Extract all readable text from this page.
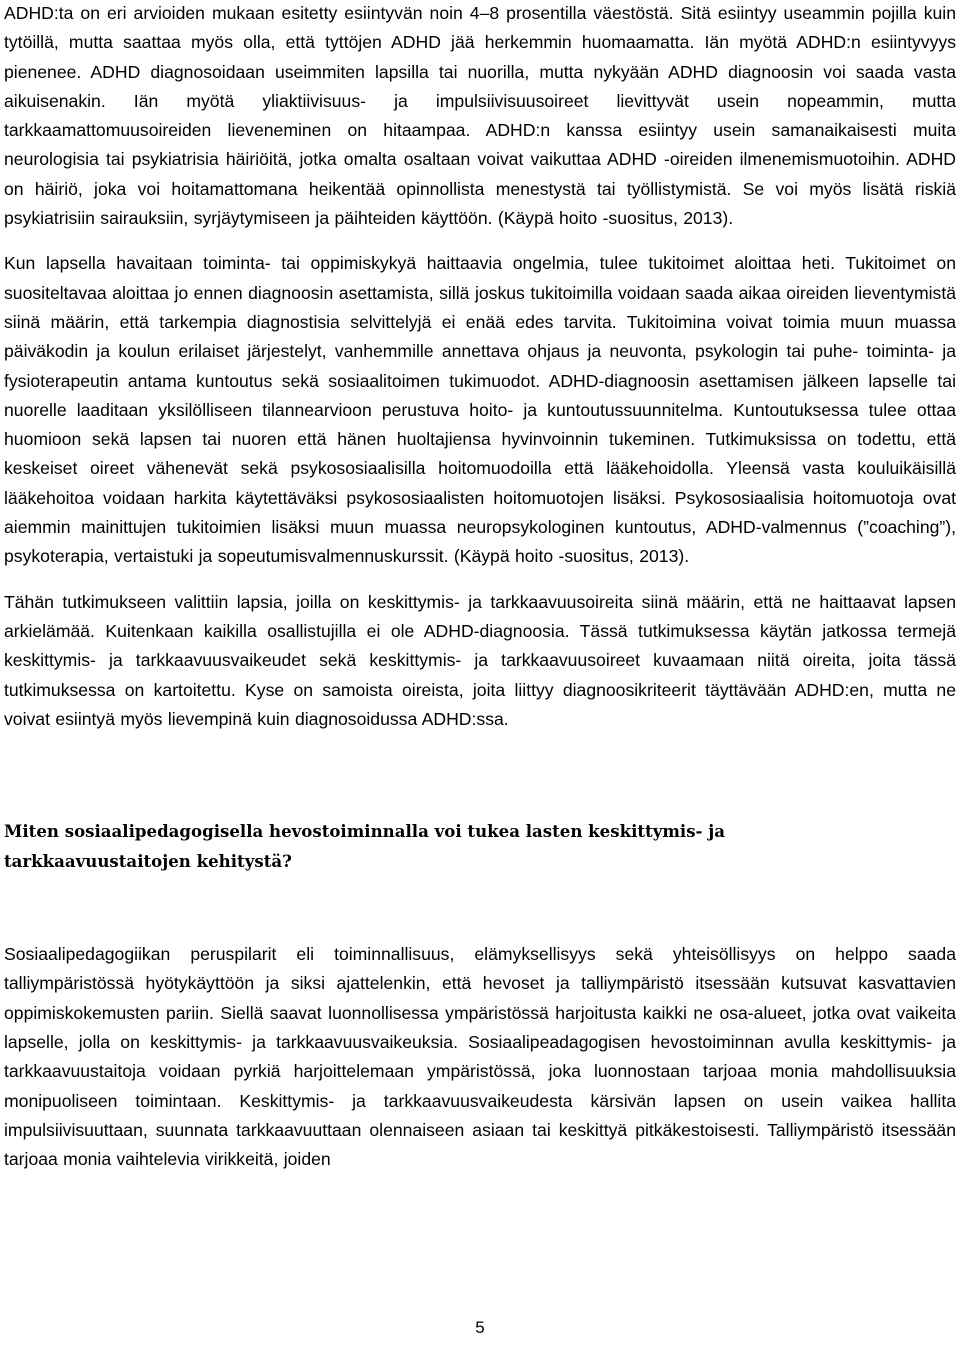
ADHD:ta on eri arvioiden mukaan esitetty esiintyvän noin 4–8 prosentilla väestöstä. Sitä esiintyy useammin pojilla kuin tytöillä, mutta saattaa myös olla, että tyttöjen ADHD jää herkemmin huomaamatta. Iän myötä ADHD:n esiintyvyys pienenee. ADHD diagnosoidaan useimmiten lapsilla tai nuorilla, mutta nykyään ADHD diagnoosin voi saada vasta aikuisenakin. Iän myötä yliaktiivisuus- ja impulsiivisuusoireet lievittyvät usein nopeammin, mutta tarkkaamattomuusoireiden lieveneminen on hitaampaa. ADHD:n kanssa esiintyy usein samanaikaisesti muita neurologisia tai psykiatrisia häiriöitä, jotka omalta osaltaan voivat vaikuttaa ADHD -oireiden ilmenemismuotoihin. ADHD on häiriö, joka voi hoitamattomana heikentää opinnollista menestystä tai työllistymistä. Se voi myös lisätä riskiä psykiatrisiin sairauksiin, syrjäytymiseen ja päihteiden käyttöön. (Käypä hoito -suositus, 2013).

Kun lapsella havaitaan toiminta- tai oppimiskykyä haittaavia ongelmia, tulee tukitoimet aloittaa heti. Tukitoimet on suositeltavaa aloittaa jo ennen diagnoosin asettamista, sillä joskus tukitoimilla voidaan saada aikaa oireiden lieventymistä siinä määrin, että tarkempia diagnostisia selvittelyjä ei enää edes tarvita. Tukitoimina voivat toimia muun muassa päiväkodin ja koulun erilaiset järjestelyt, vanhemmille annettava ohjaus ja neuvonta, psykologin tai puhe- toiminta- ja fysioterapeutin antama kuntoutus sekä sosiaalitoimen tukimuodot. ADHD-diagnoosin asettamisen jälkeen lapselle tai nuorelle laaditaan yksilölliseen tilannearvioon perustuva hoito- ja kuntoutussuunnitelma. Kuntoutuksessa tulee ottaa huomioon sekä lapsen tai nuoren että hänen huoltajiensa hyvinvoinnin tukeminen. Tutkimuksissa on todettu, että keskeiset oireet vähenevät sekä psykososiaalisilla hoitomuodoilla että lääkehoidolla. Yleensä vasta kouluikäisillä lääkehoitoa voidaan harkita käytettäväksi psykososiaalisten hoitomuotojen lisäksi. Psykososiaalisia hoitomuotoja ovat aiemmin mainittujen tukitoimien lisäksi muun muassa neuropsykologinen kuntoutus, ADHD-valmennus (”coaching”), psykoterapia, vertaistuki ja sopeutumisvalmennuskurssit. (Käypä hoito -suositus, 2013).

Tähän tutkimukseen valittiin lapsia, joilla on keskittymis- ja tarkkaavuusoireita siinä määrin, että ne haittaavat lapsen arkielämää. Kuitenkaan kaikilla osallistujilla ei ole ADHD-diagnoosia. Tässä tutkimuksessa käytän jatkossa termejä keskittymis- ja tarkkaavuusvaikeudet sekä keskittymis- ja tarkkaavuusoireet kuvaamaan niitä oireita, joita tässä tutkimuksessa on kartoitettu. Kyse on samoista oireista, joita liittyy diagnoosikriteerit täyttävään ADHD:en, mutta ne voivat esiintyä myös lievempinä kuin diagnosoidussa ADHD:ssa.

Miten sosiaalipedagogisella hevostoiminnalla voi tukea lasten keskittymis- ja tarkkaavuustaitojen kehitystä?

Sosiaalipedagogiikan peruspilarit eli toiminnallisuus, elämyksellisyys sekä yhteisöllisyys on helppo saada talliympäristössä hyötykäyttöön ja siksi ajattelenkin, että hevoset ja talliympäristö itsessään kutsuvat kasvattavien oppimiskokemusten pariin. Siellä saavat luonnollisessa ympäristössä harjoitusta kaikki ne osa-alueet, jotka ovat vaikeita lapselle, jolla on keskittymis- ja tarkkaavuusvaikeuksia. Sosiaalipeadagogisen hevostoiminnan avulla keskittymis- ja tarkkaavuustaitoja voidaan pyrkiä harjoittelemaan ympäristössä, joka luonnostaan tarjoaa monia mahdollisuuksia monipuoliseen toimintaan. Keskittymis- ja tarkkaavuusvaikeudesta kärsivän lapsen on usein vaikea hallita impulsiivisuuttaan, suunnata tarkkaavuuttaan olennaiseen asiaan tai keskittyä pitkäkestoisesti. Talliympäristö itsessään tarjoaa monia vaihtelevia virikkeitä, joiden

5
